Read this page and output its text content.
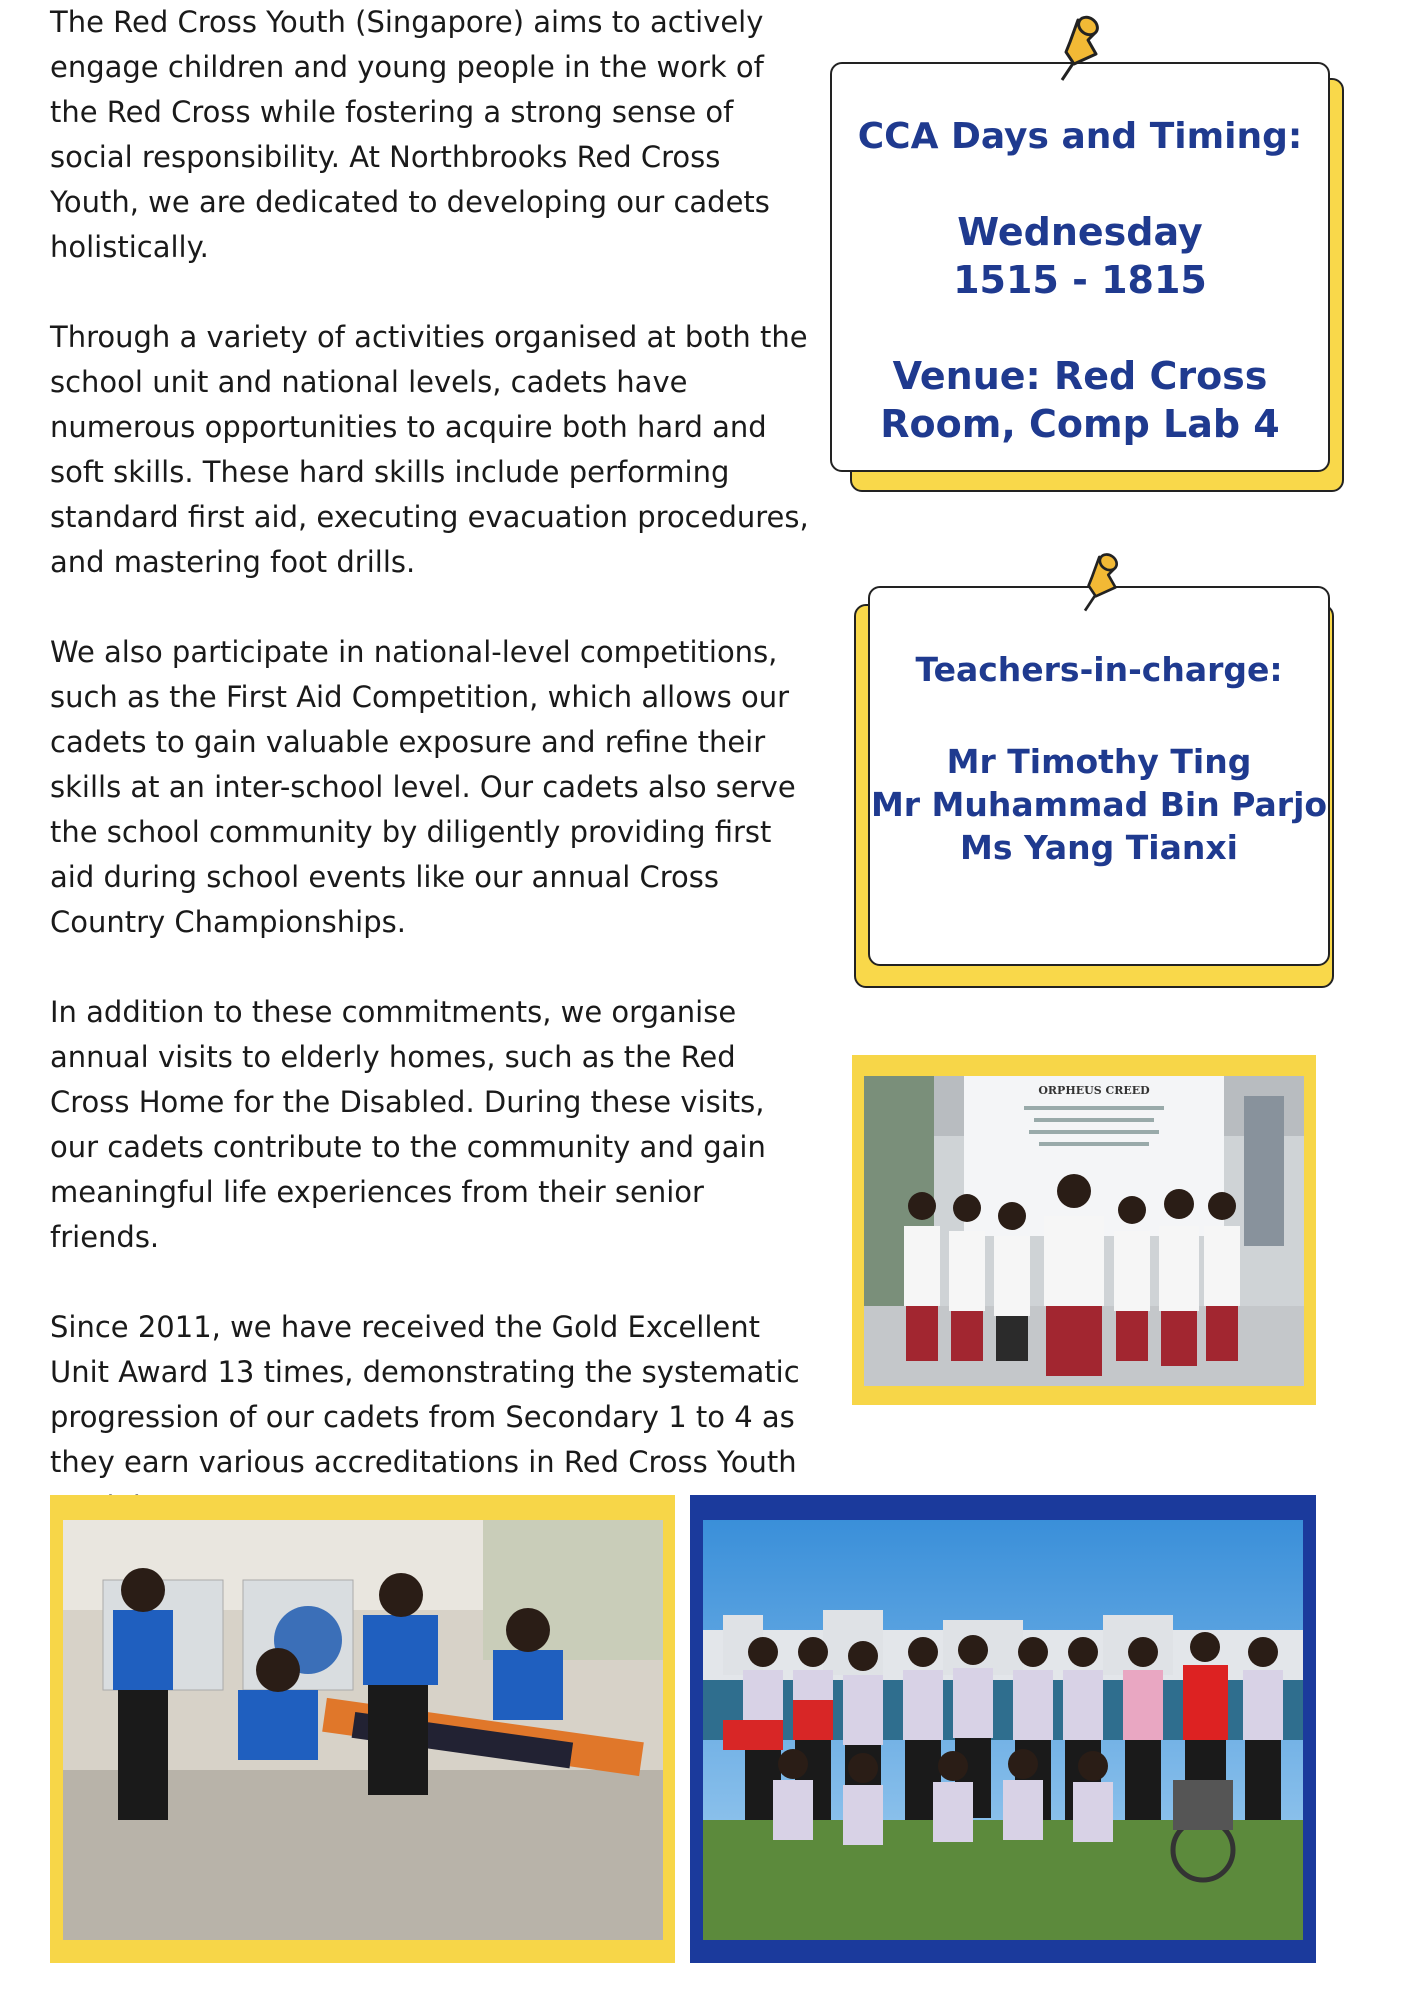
The Red Cross Youth (Singapore) aims to actively engage children and young people in the work of the Red Cross while fostering a strong sense of social responsibility. At Northbrooks Red Cross Youth, we are dedicated to developing our cadets holistically.

Through a variety of activities organised at both the school unit and national levels, cadets have numerous opportunities to acquire both hard and soft skills. These hard skills include performing standard first aid, executing evacuation procedures, and mastering foot drills.

We also participate in national-level competitions, such as the First Aid Competition, which allows our cadets to gain valuable exposure and refine their skills at an inter-school level. Our cadets also serve the school community by diligently providing first aid during school events like our annual Cross Country Championships.

In addition to these commitments, we organise annual visits to elderly homes, such as the Red Cross Home for the Disabled. During these visits, our cadets contribute to the community and gain meaningful life experiences from their senior friends.

Since 2011, we have received the Gold Excellent Unit Award 13 times, demonstrating the systematic progression of our cadets from Secondary 1 to 4 as they earn various accreditations in Red Cross Youth

CCA Days and Timing:
Wednesday
1515 - 1815
Venue: Red Cross
Room, Comp Lab 4
Teachers-in-charge:
Mr Timothy Ting
Mr Muhammad Bin Parjo
Ms Yang Tianxi
ORPHEUS CREED
